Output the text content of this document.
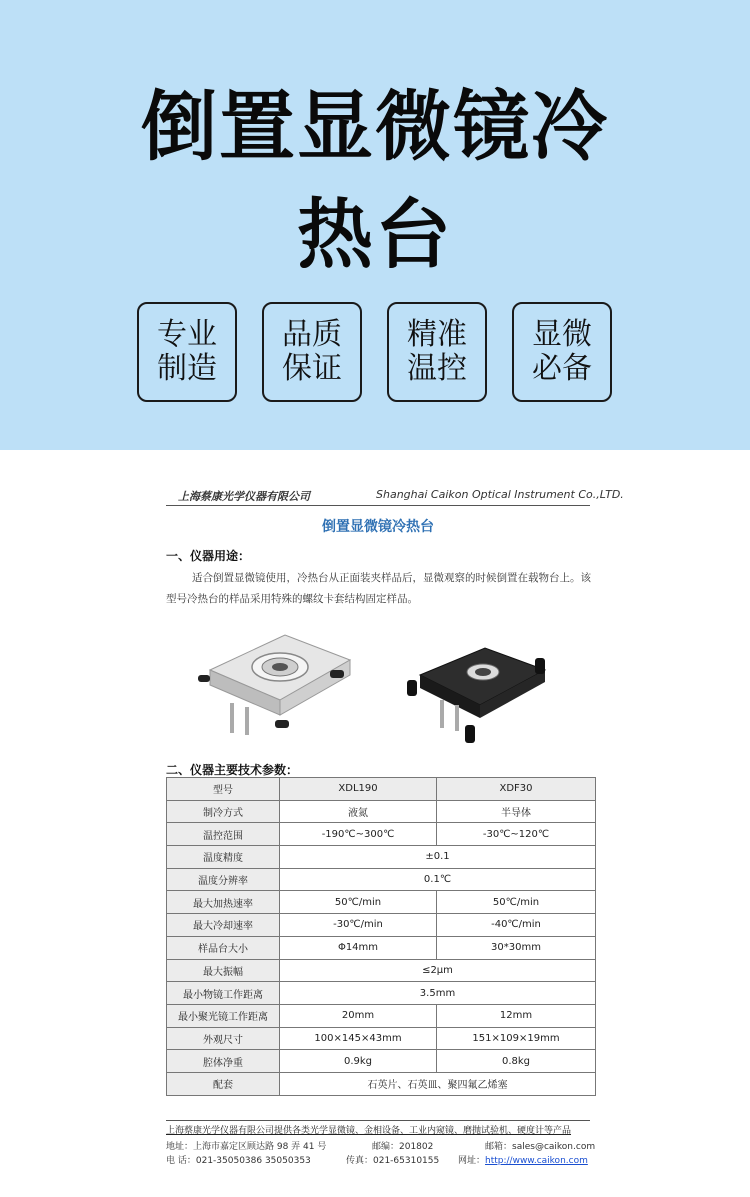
倒置显微镜冷
热台
专业
制造
品质
保证
精准
温控
显微
必备
上海蔡康光学仪器有限公司	Shanghai Caikon Optical Instrument Co.,LTD.
倒置显微镜冷热台
一、仪器用途：
适合倒置显微镜使用，冷热台从正面装夹样品后，显微观察的时候倒置在载物台上。该型号冷热台的样品采用特殊的螺纹卡套结构固定样品。
二、仪器主要技术参数：
型号	XDL190	XDF30
制冷方式	液氮	半导体
温控范围	-190℃~300℃	-30℃~120℃
温度精度	±0.1	
温度分辨率	0.1℃	
最大加热速率	50℃/min	50℃/min
最大冷却速率	-30℃/min	-40℃/min
样品台大小	Φ14mm	30*30mm
最大振幅	≤2μm	
最小物镜工作距离	3.5mm	
最小聚光镜工作距离	20mm	12mm
外观尺寸	100×145×43mm	151×109×19mm
腔体净重	0.9kg	0.8kg
配套	石英片、石英皿、聚四氟乙烯塞	
上海蔡康光学仪器有限公司提供各类光学显微镜、金相设备、工业内窥镜、磨抛试验机、硬度计等产品
地址：上海市嘉定区顾达路 98 弄 41 号	邮编：201802	邮箱：sales@caikon.com
电 话：021-35050386 35050353	传真：021-65310155 网址：http://www.caikon.com
